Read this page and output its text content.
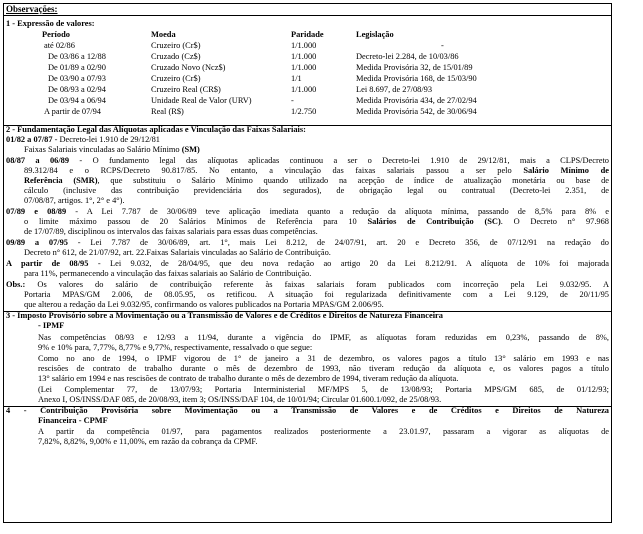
Observações:
1 - Expressão de valores:
Período	Moeda	Paridade	Legislação
até 02/86	Cruzeiro (Cr$)	1/1.000	-
De 03/86 a 12/88	Cruzado (Cz$)	1/1.000	Decreto-lei 2.284, de 10/03/86
De 01/89 a 02/90	Cruzado Novo (Ncz$)	1/1.000	Medida Provisória 32, de 15/01/89
De 03/90 a 07/93	Cruzeiro (Cr$)	1/1	Medida Provisória 168, de 15/03/90
De 08/93 a 02/94	Cruzeiro Real (CR$)	1/1.000	Lei 8.697, de 27/08/93
De 03/94 a 06/94	Unidade Real de Valor (URV)	-	Medida Provisória 434, de 27/02/94
A partir de 07/94	Real (R$)	1/2.750	Medida Provisória 542, de 30/06/94
2 - Fundamentação Legal das Alíquotas aplicadas e Vinculação das Faixas Salariais:
01/82 a 07/87 - Decreto-lei 1.910 de 29/12/81
Faixas Salariais vinculadas ao Salário Mínimo (SM)
08/87 a 06/89 - O fundamento legal das alíquotas aplicadas continuou a ser o Decreto-lei 1.910 de 29/12/81, mais a CLPS/Decreto
89.312/84 e o RCPS/Decreto 90.817/85. No entanto, a vinculação das faixas salariais passou a ser pelo Salário Mínimo de
Referência (SMR), que substituiu o Salário Mínimo quando utilizado na acepção de índice de atualização monetária ou base de
cálculo (inclusive das contribuição previdenciária dos segurados), de obrigação legal ou contratual (Decreto-lei 2.351, de
07/08/87, artigos. 1°, 2° e 4°).
07/89 e 08/89 - A Lei 7.787 de 30/06/89 teve aplicação imediata quanto a redução da alíquota mínima, passando de 8,5% para 8% e
o limite máximo passou de 20 Salários Mínimos de Referência para 10 Salários de Contribuição (SC). O Decreto n° 97.968
de 17/07/89, disciplinou os intervalos das faixas salariais para essas duas competências.
09/89 a 07/95 - Lei 7.787 de 30/06/89, art. 1°, mais Lei 8.212, de 24/07/91, art. 20 e Decreto 356, de 07/12/91 na redação do
Decreto n° 612, de 21/07/92, art. 22.Faixas Salariais vinculadas ao Salário de Contribuição.
A partir de 08/95 - Lei 9.032, de 28/04/95, que deu nova redação ao artigo 20 da Lei 8.212/91. A alíquota de 10% foi majorada
para 11%, permanecendo a vinculação das faixas salariais ao Salário de Contribuição.
Obs.: Os valores do salário de contribuição referente às faixas salariais foram publicados com incorreção pela Lei 9.032/95. A
Portaria MPAS/GM 2.006, de 08.05.95, os retificou. A situação foi regularizada definitivamente com a Lei 9.129, de 20/11/95
que alterou a redação da Lei 9.032/95, confirmando os valores publicados na Portaria MPAS/GM 2.006/95.
3 - Imposto Provisório sobre a Movimentação ou a Transmissão de Valores e de Créditos e Direitos de Natureza Financeira
- IPMF
Nas competências 08/93 e 12/93 a 11/94, durante a vigência do IPMF, as alíquotas foram reduzidas em 0,23%, passando de 8%,
9% e 10% para, 7,77%, 8,77% e 9,77%, respectivamente, ressalvado o que segue:
Como no ano de 1994, o IPMF vigorou de 1° de janeiro a 31 de dezembro, os valores pagos a título 13° salário em 1993 e nas
rescisões de contrato de trabalho durante o mês de dezembro de 1993, não tiveram redução da alíquota e, os valores pagos a título
13° salário em 1994 e nas rescisões de contrato de trabalho durante o mês de dezembro de 1994, tiveram redução da alíquota.
(Lei Complementar 77, de 13/07/93; Portaria Interministerial MF/MPS 5, de 13/08/93; Portaria MPS/GM 685, de 01/12/93;
Anexo I, OS/INSS/DAF 085, de 20/08/93, item 3; OS/INSS/DAF 104, de 10/01/94; Circular 01.600.1/092, de 25/08/93.
4 - Contribuição Provisória sobre Movimentação ou a Transmissão de Valores e de Créditos e Direitos de Natureza
Financeira - CPMF
A partir da competência 01/97, para pagamentos realizados posteriormente a 23.01.97, passaram a vigorar as alíquotas de
7,82%, 8,82%, 9,00% e 11,00%, em razão da cobrança da CPMF.
